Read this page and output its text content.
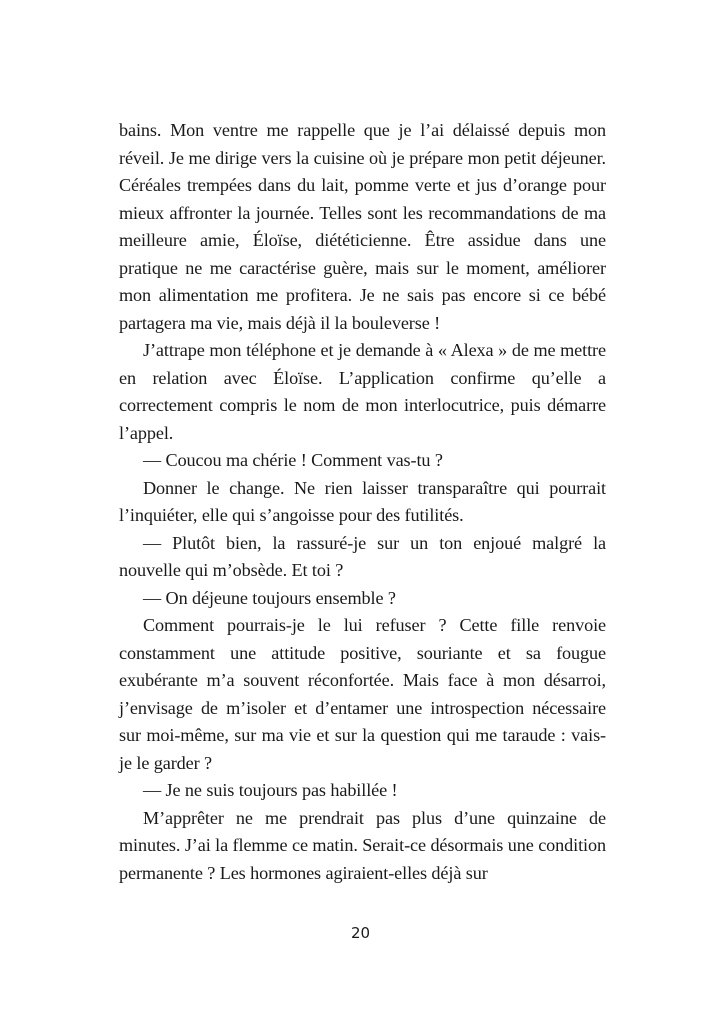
bains. Mon ventre me rappelle que je l’ai délaissé depuis mon réveil. Je me dirige vers la cuisine où je prépare mon petit déjeuner. Céréales trempées dans du lait, pomme verte et jus d’orange pour mieux affronter la journée. Telles sont les recommandations de ma meilleure amie, Éloïse, diététicienne. Être assidue dans une pratique ne me caractérise guère, mais sur le moment, améliorer mon alimentation me profitera. Je ne sais pas encore si ce bébé partagera ma vie, mais déjà il la bouleverse !

J’attrape mon téléphone et je demande à « Alexa » de me mettre en relation avec Éloïse. L’application confirme qu’elle a correctement compris le nom de mon interlocutrice, puis démarre l’appel.

— Coucou ma chérie ! Comment vas-tu ?

Donner le change. Ne rien laisser transparaître qui pourrait l’inquiéter, elle qui s’angoisse pour des futilités.

— Plutôt bien, la rassuré-je sur un ton enjoué malgré la nouvelle qui m’obsède. Et toi ?

— On déjeune toujours ensemble ?

Comment pourrais-je le lui refuser ? Cette fille renvoie constamment une attitude positive, souriante et sa fougue exubérante m’a souvent réconfortée. Mais face à mon désarroi, j’envisage de m’isoler et d’entamer une introspection nécessaire sur moi-même, sur ma vie et sur la question qui me taraude : vais-je le garder ?

— Je ne suis toujours pas habillée !

M’apprêter ne me prendrait pas plus d’une quinzaine de minutes. J’ai la flemme ce matin. Serait-ce désormais une condition permanente ? Les hormones agiraient-elles déjà sur

20
